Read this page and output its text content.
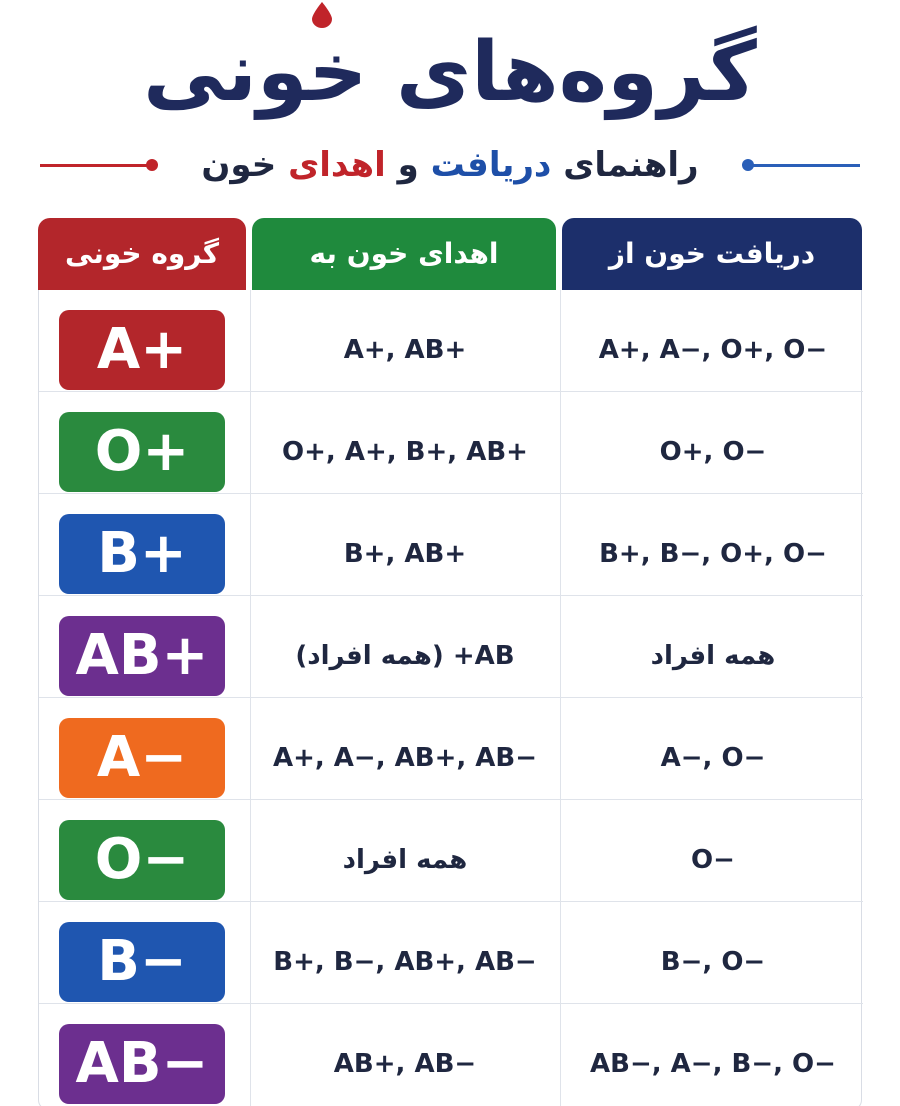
گروه‌های خونی
راهنمای دریافت و اهدای خون
گروه خونی	اهدای خون به	دریافت خون از
A+	A+, AB+	A+, A−, O+, O−
O+	O+, A+, B+, AB+	O+, O−
B+	B+, AB+	B+, B−, O+, O−
AB+	AB+ (همه افراد)	همه افراد
A−	A+, A−, AB+, AB−	A−, O−
O−	همه افراد	O−
B−	B+, B−, AB+, AB−	B−, O−
AB−	AB+, AB−	AB−, A−, B−, O−
